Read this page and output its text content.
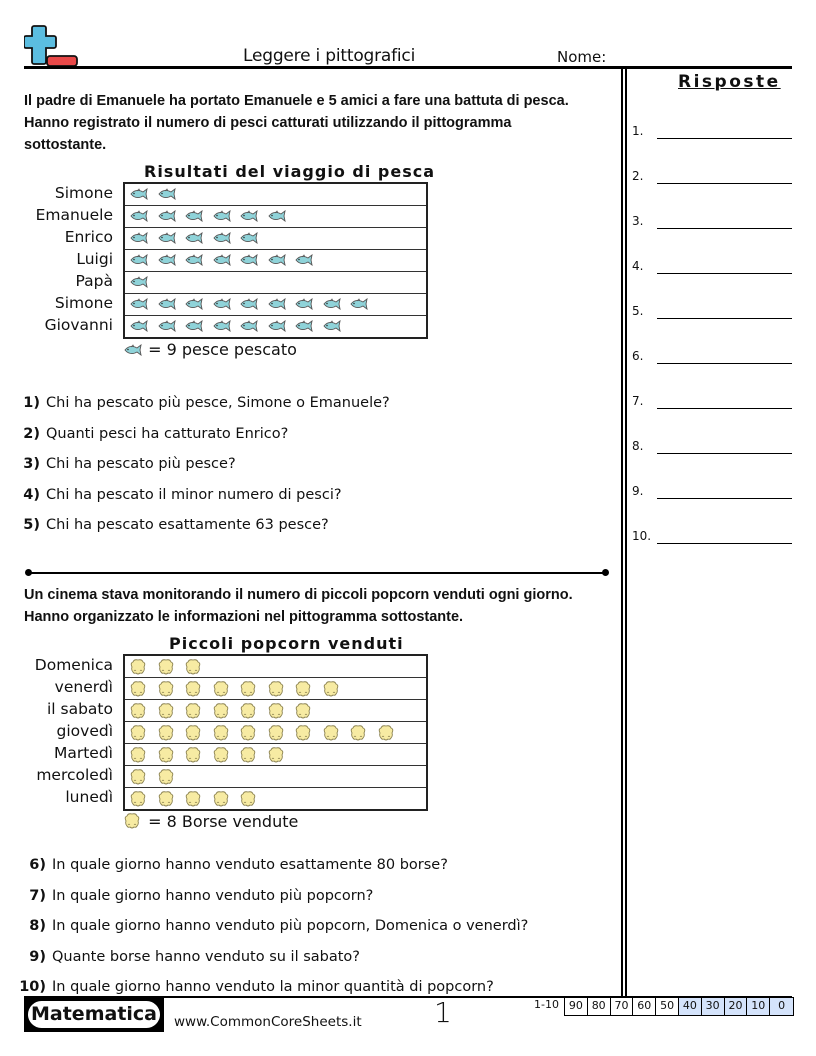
Leggere i pittografici	Nome:
Risposte
1.
2.
3.
4.
5.
6.
7.
8.
9.
10.
Il padre di Emanuele ha portato Emanuele e 5 amici a fare una battuta di pesca.
Hanno registrato il numero di pesci catturati utilizzando il pittogramma
sottostante.
Risultati del viaggio di pesca
Simone
Emanuele
Enrico
Luigi
Papà
Simone
Giovanni
= 9 pesce pescato
1) Chi ha pescato più pesce, Simone o Emanuele?
2) Quanti pesci ha catturato Enrico?
3) Chi ha pescato più pesce?
4) Chi ha pescato il minor numero di pesci?
5) Chi ha pescato esattamente 63 pesce?
Un cinema stava monitorando il numero di piccoli popcorn venduti ogni giorno.
Hanno organizzato le informazioni nel pittogramma sottostante.
Piccoli popcorn venduti
Domenica
venerdì
il sabato
giovedì
Martedì
mercoledì
lunedì
= 8 Borse vendute
6) In quale giorno hanno venduto esattamente 80 borse?
7) In quale giorno hanno venduto più popcorn?
8) In quale giorno hanno venduto più popcorn, Domenica o venerdì?
9) Quante borse hanno venduto su il sabato?
10) In quale giorno hanno venduto la minor quantità di popcorn?
Matematica www.CommonCoreSheets.it	1	1-10 90 80 70 60 50 40 30 20 10	0
